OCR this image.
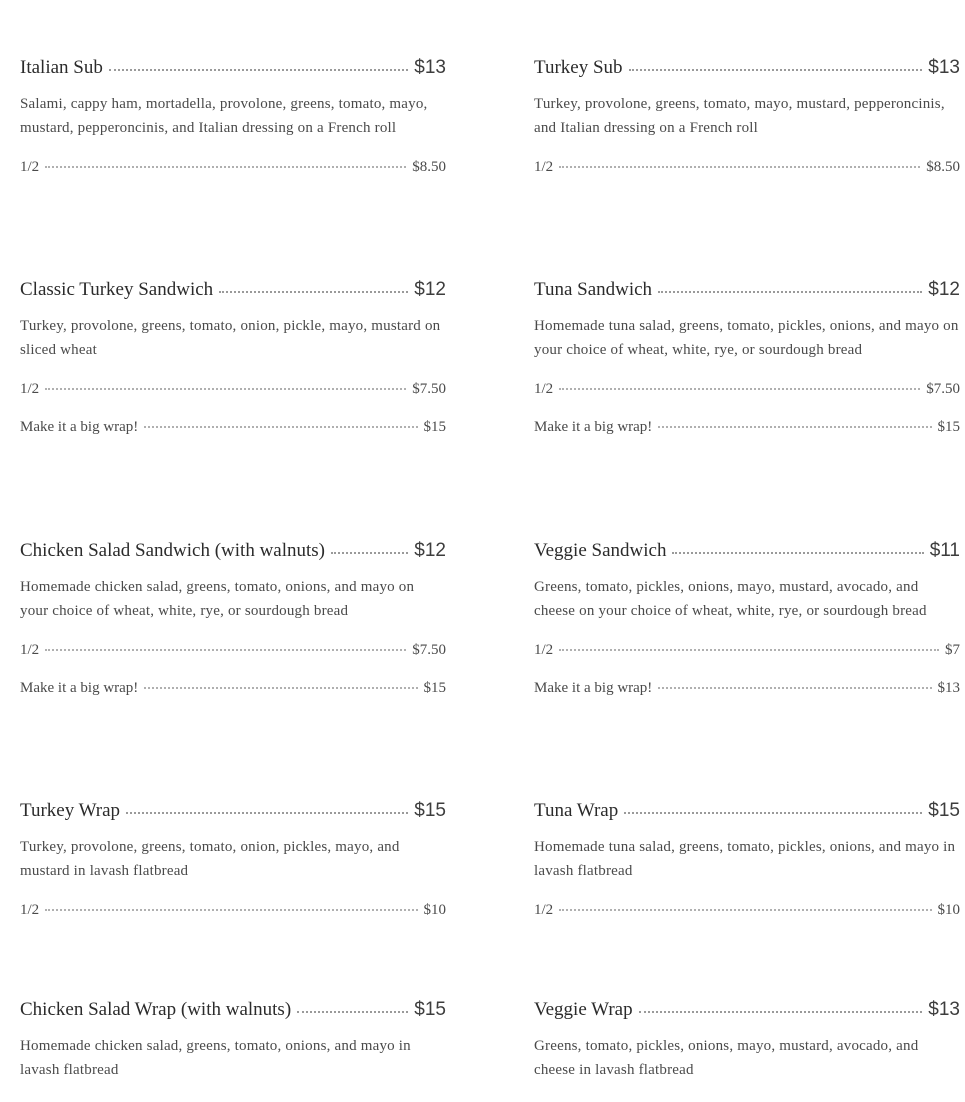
Italian Sub	$13
Salami, cappy ham, mortadella, provolone, greens, tomato, mayo, mustard, pepperoncinis, and Italian dressing on a French roll
1/2	$8.50
Turkey Sub	$13
Turkey, provolone, greens, tomato, mayo, mustard, pepperoncinis, and Italian dressing on a French roll
1/2	$8.50
Classic Turkey Sandwich	$12
Turkey, provolone, greens, tomato, onion, pickle, mayo, mustard on sliced wheat
1/2	$7.50
Make it a big wrap!	$15
Tuna Sandwich	$12
Homemade tuna salad, greens, tomato, pickles, onions, and mayo on your choice of wheat, white, rye, or sourdough bread
1/2	$7.50
Make it a big wrap!	$15
Chicken Salad Sandwich (with walnuts)	$12
Homemade chicken salad, greens, tomato, onions, and mayo on your choice of wheat, white, rye, or sourdough bread
1/2	$7.50
Make it a big wrap!	$15
Veggie Sandwich	$11
Greens, tomato, pickles, onions, mayo, mustard, avocado, and cheese on your choice of wheat, white, rye, or sourdough bread
1/2	$7
Make it a big wrap!	$13
Turkey Wrap	$15
Turkey, provolone, greens, tomato, onion, pickles, mayo, and mustard in lavash flatbread
1/2	$10
Tuna Wrap	$15
Homemade tuna salad, greens, tomato, pickles, onions, and mayo in lavash flatbread
1/2	$10
Chicken Salad Wrap (with walnuts)	$15
Homemade chicken salad, greens, tomato, onions, and mayo in lavash flatbread
Veggie Wrap	$13
Greens, tomato, pickles, onions, mayo, mustard, avocado, and cheese in lavash flatbread
